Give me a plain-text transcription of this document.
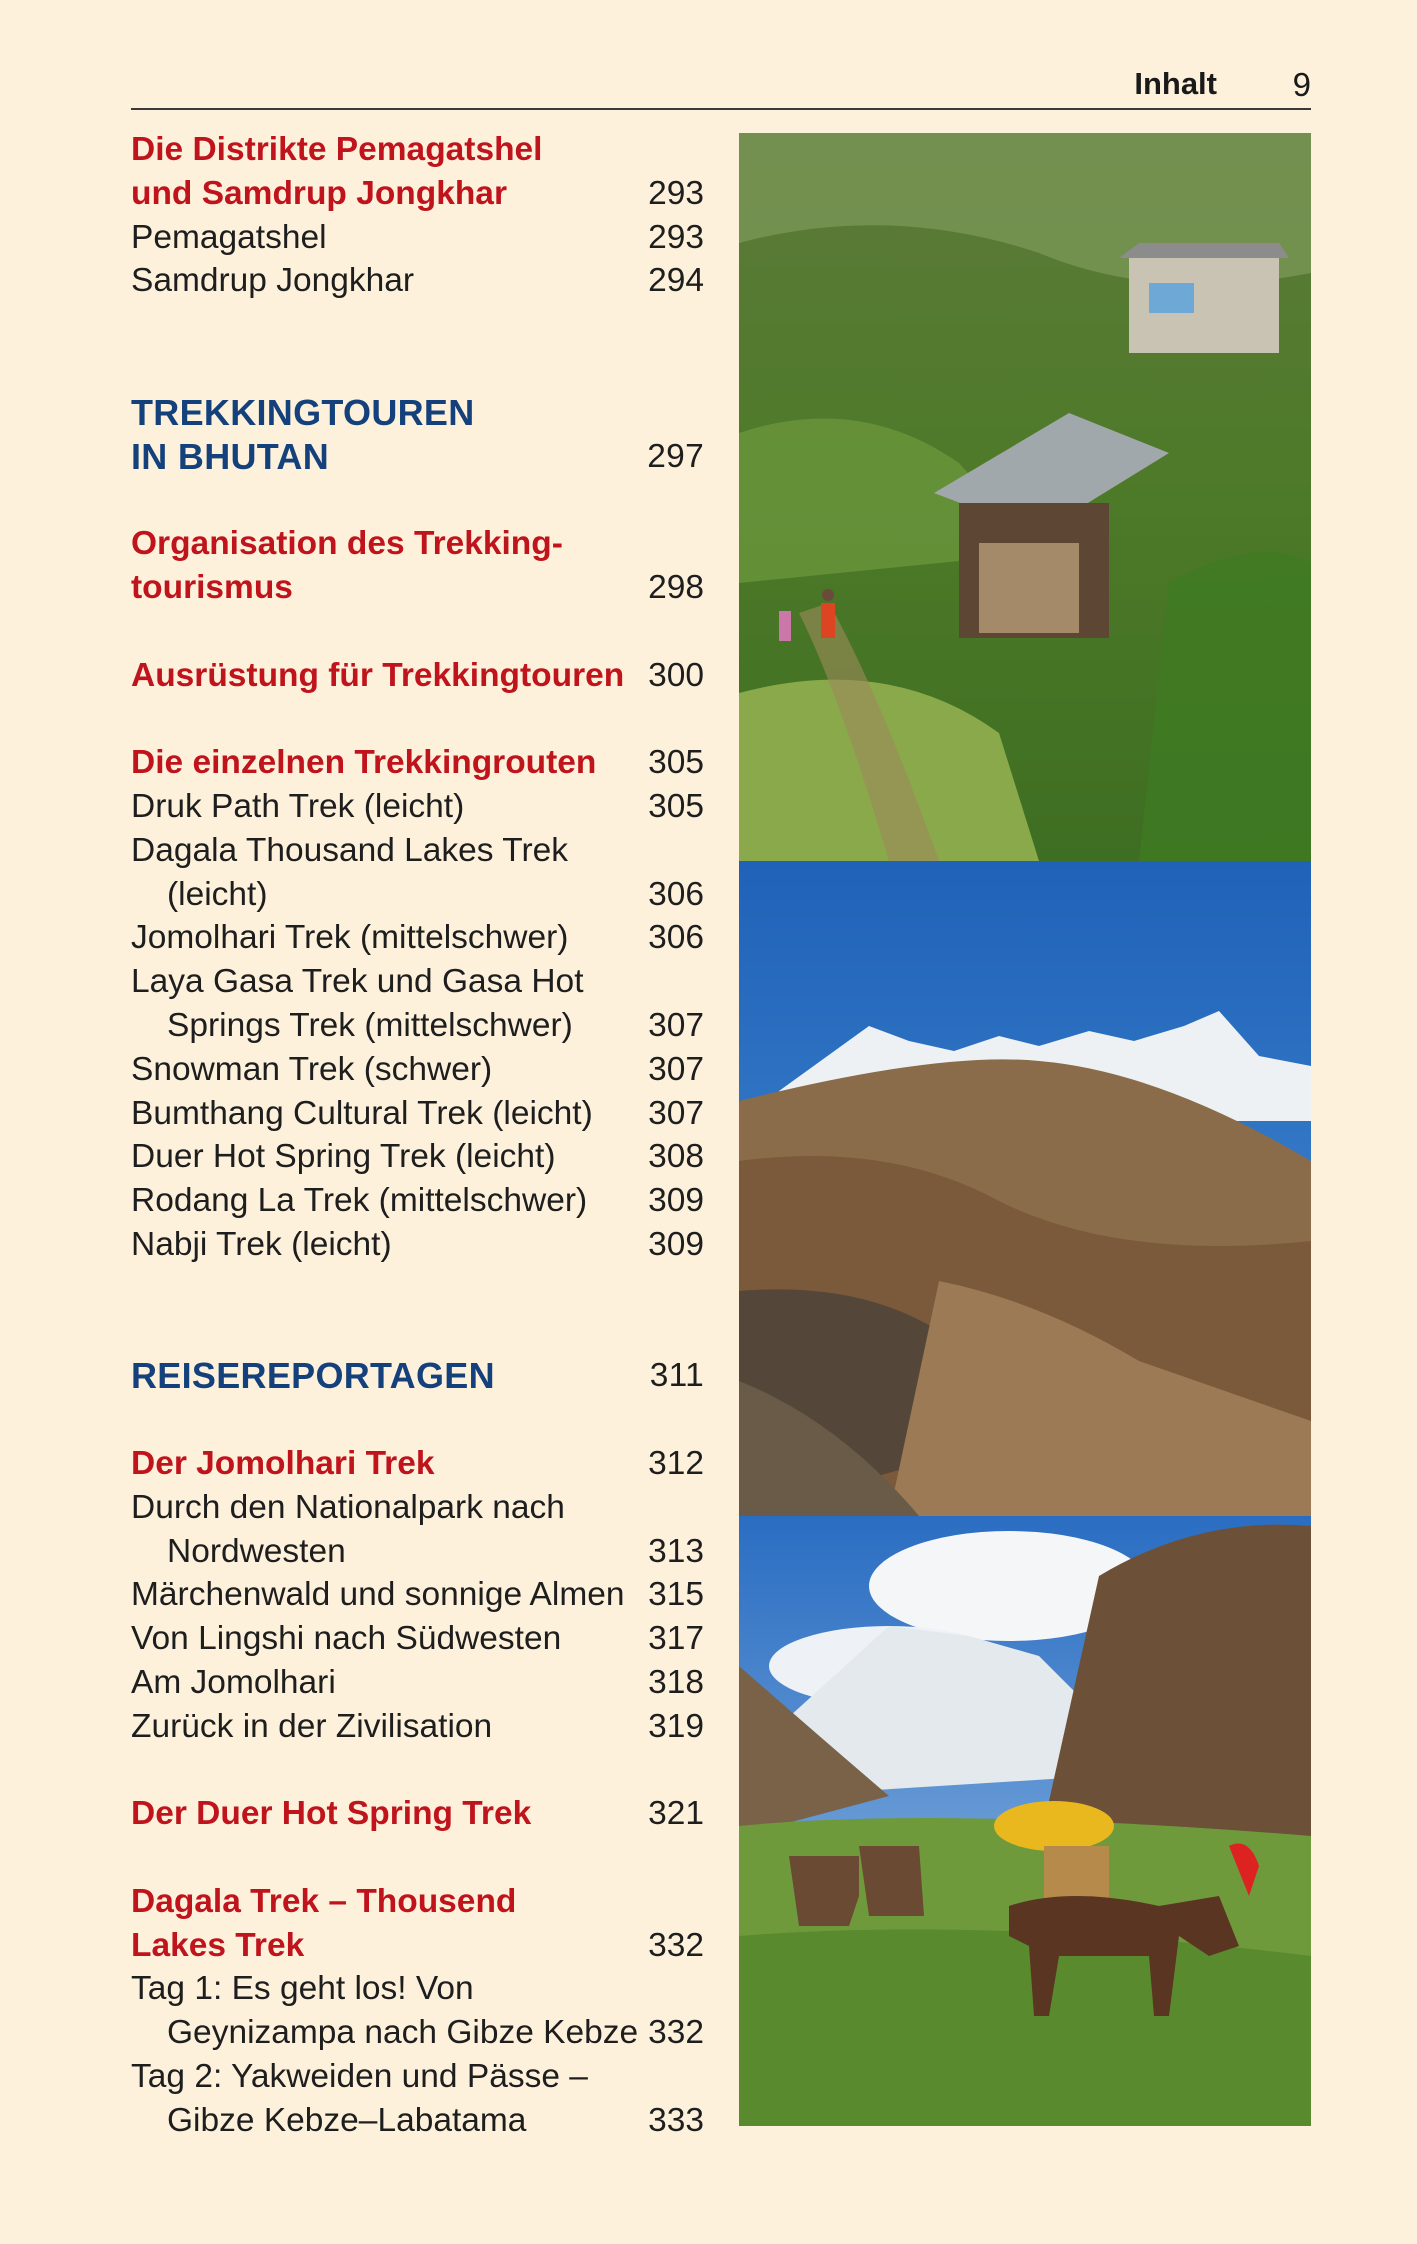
Inhalt 9
Die Distrikte Pemagatshel
und Samdrup Jongkhar	293
Pemagatshel	293
Samdrup Jongkhar	294
TREKKINGTOUREN
IN BHUTAN	297
Organisation des Trekking-
tourismus	298
Ausrüstung für Trekkingtouren 300
Die einzelnen Trekkingrouten	305
Druk Path Trek (leicht)	305
Dagala Thousand Lakes Trek
(leicht)	306
Jomolhari Trek (mittelschwer)	306
Laya Gasa Trek und Gasa Hot
Springs Trek (mittelschwer)	307
Snowman Trek (schwer)	307
Bumthang Cultural Trek (leicht)	307
Duer Hot Spring Trek (leicht)	308
Rodang La Trek (mittelschwer)	309
Nabji Trek (leicht)	309
REISEREPORTAGEN	311
Der Jomolhari Trek	312
Durch den Nationalpark nach
Nordwesten	313
Märchenwald und sonnige Almen 315
Von Lingshi nach Südwesten	317
Am Jomolhari	318
Zurück in der Zivilisation	319
Der Duer Hot Spring Trek	321
Dagala Trek – Thousend
Lakes Trek	332
Tag 1: Es geht los! Von
Geynizampa nach Gibze Kebze 332
Tag 2: Yakweiden und Pässe –
Gibze Kebze–Labatama	333
